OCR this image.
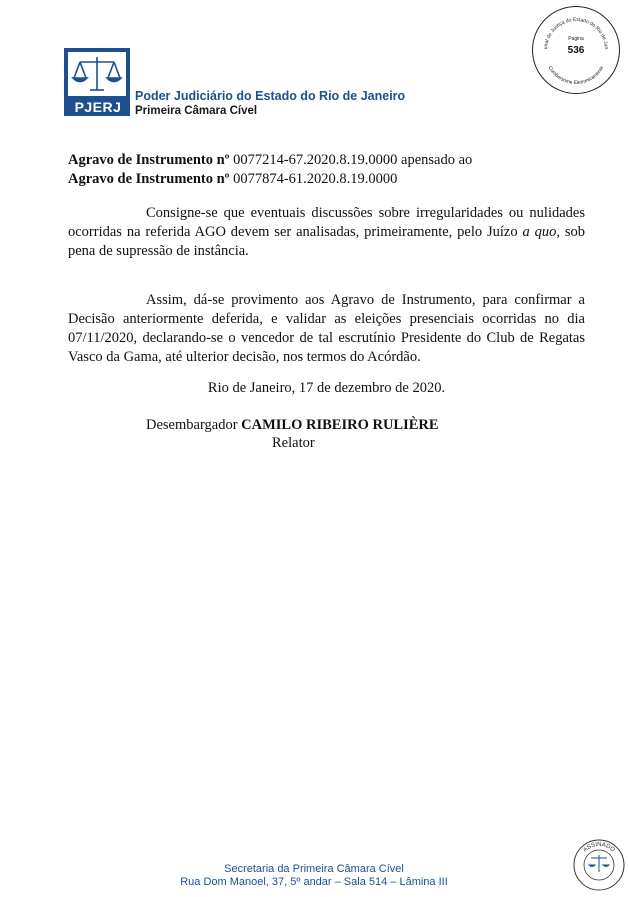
unal de Justiça do Estado do Rio de Jan
Cumbersome Eletronicamente
Pagina
536
PJERJ
Poder Judiciário do Estado do Rio de Janeiro
Primeira Câmara Cível
Agravo de Instrumento nº 0077214-67.2020.8.19.0000 apensado ao
Agravo de Instrumento nº 0077874-61.2020.8.19.0000
Consigne-se que eventuais discussões sobre irregularidades ou nulidades ocorridas na referida AGO devem ser analisadas, primeiramente, pelo Juízo a quo, sob pena de supressão de instância.
Assim, dá-se provimento aos Agravo de Instrumento, para confirmar a Decisão anteriormente deferida, e validar as eleições presenciais ocorridas no dia 07/11/2020, declarando-se o vencedor de tal escrutínio Presidente do Club de Regatas Vasco da Gama, até ulterior decisão, nos termos do Acórdão.
Rio de Janeiro, 17 de dezembro de 2020.
Desembargador CAMILO RIBEIRO RULIÈRE
Relator
Secretaria da Primeira Câmara Cível
Rua Dom Manoel, 37, 5º andar – Sala 514 – Lâmina III
ASSINADO
